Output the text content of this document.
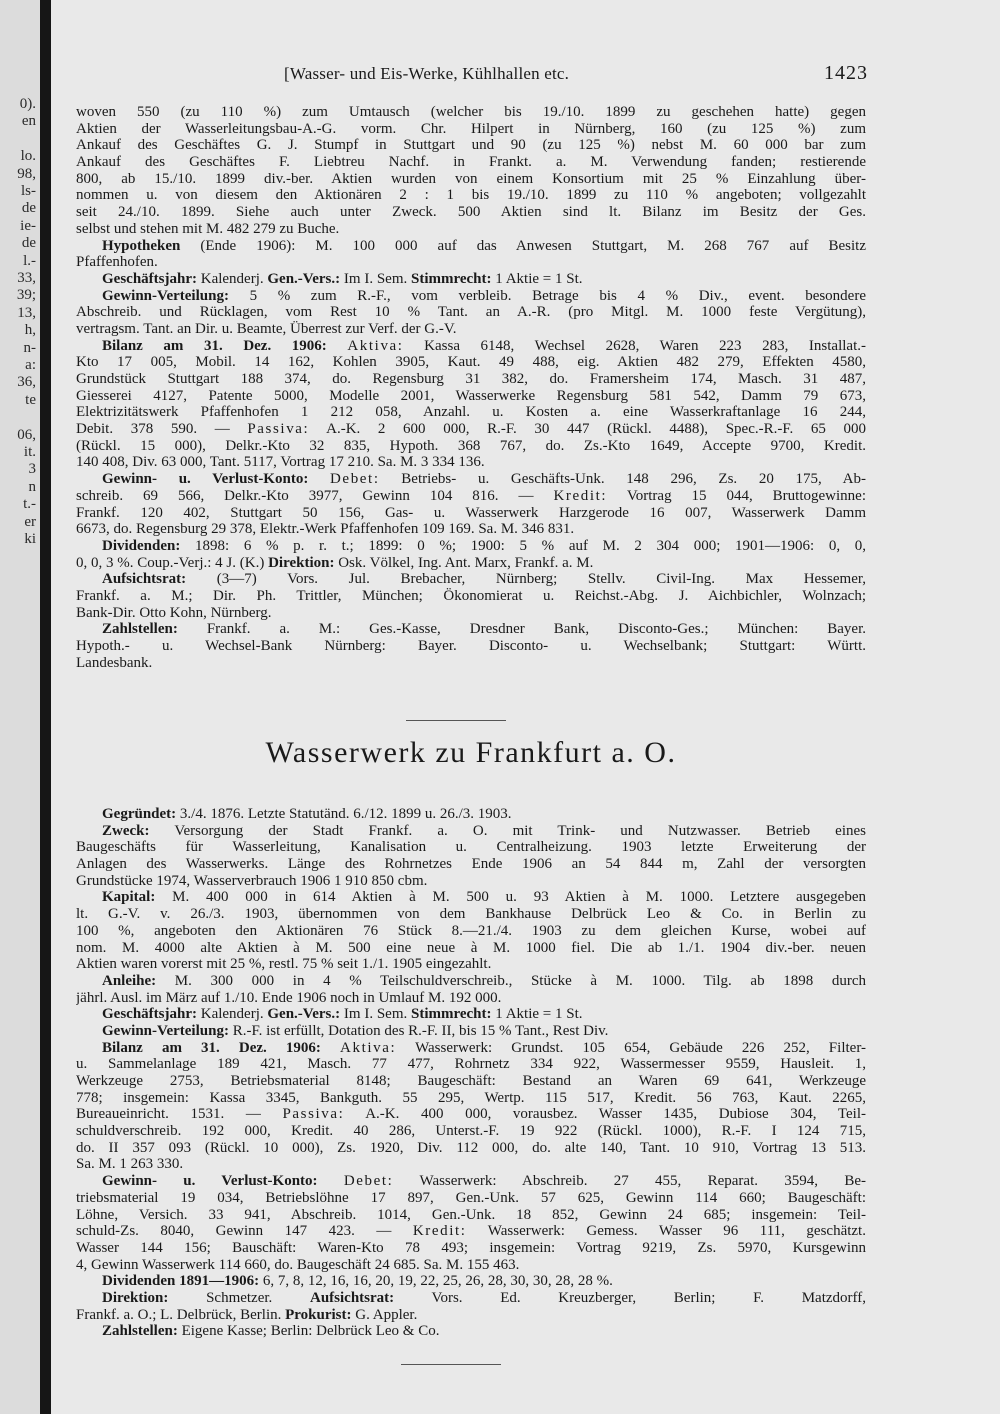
0).
en
lo.
98,
ls-
de
ie-
de
l.-
33,
39;
13,
h,
n-
a:
36,
te
06,
it.
3
n
t.-
er
ki
[Wasser- und Eis-Werke, Kühlhallen etc.	1423
woven 550 (zu 110 %) zum Umtausch (welcher bis 19./10. 1899 zu geschehen hatte) gegen
Aktien der Wasserleitungsbau-A.-G. vorm. Chr. Hilpert in Nürnberg, 160 (zu 125 %) zum
Ankauf des Geschäftes G. J. Stumpf in Stuttgart und 90 (zu 125 %) nebst M. 60 000 bar zum
Ankauf des Geschäftes F. Liebtreu Nachf. in Frankt. a. M. Verwendung fanden; restierende
800, ab 15./10. 1899 div.-ber. Aktien wurden von einem Konsortium mit 25 % Einzahlung über-
nommen u. von diesem den Aktionären 2 : 1 bis 19./10. 1899 zu 110 % angeboten; vollgezahlt
seit 24./10. 1899. Siehe auch unter Zweck. 500 Aktien sind lt. Bilanz im Besitz der Ges.
selbst und stehen mit M. 482 279 zu Buche.
Hypotheken (Ende 1906): M. 100 000 auf das Anwesen Stuttgart, M. 268 767 auf Besitz
Pfaffenhofen.
Geschäftsjahr: Kalenderj. Gen.-Vers.: Im I. Sem. Stimmrecht: 1 Aktie = 1 St.
Gewinn-Verteilung: 5 % zum R.-F., vom verbleib. Betrage bis 4 % Div., event. besondere
Abschreib. und Rücklagen, vom Rest 10 % Tant. an A.-R. (pro Mitgl. M. 1000 feste Vergütung),
vertragsm. Tant. an Dir. u. Beamte, Überrest zur Verf. der G.-V.
Bilanz am 31. Dez. 1906: Aktiva: Kassa 6148, Wechsel 2628, Waren 223 283, Installat.-
Kto 17 005, Mobil. 14 162, Kohlen 3905, Kaut. 49 488, eig. Aktien 482 279, Effekten 4580,
Grundstück Stuttgart 188 374, do. Regensburg 31 382, do. Framersheim 174, Masch. 31 487,
Giesserei 4127, Patente 5000, Modelle 2001, Wasserwerke Regensburg 581 542, Damm 79 673,
Elektrizitätswerk Pfaffenhofen 1 212 058, Anzahl. u. Kosten a. eine Wasserkraftanlage 16 244,
Debit. 378 590. — Passiva: A.-K. 2 600 000, R.-F. 30 447 (Rückl. 4488), Spec.-R.-F. 65 000
(Rückl. 15 000), Delkr.-Kto 32 835, Hypoth. 368 767, do. Zs.-Kto 1649, Accepte 9700, Kredit.
140 408, Div. 63 000, Tant. 5117, Vortrag 17 210. Sa. M. 3 334 136.
Gewinn- u. Verlust-Konto: Debet: Betriebs- u. Geschäfts-Unk. 148 296, Zs. 20 175, Ab-
schreib. 69 566, Delkr.-Kto 3977, Gewinn 104 816. — Kredit: Vortrag 15 044, Bruttogewinne:
Frankf. 120 402, Stuttgart 50 156, Gas- u. Wasserwerk Harzgerode 16 007, Wasserwerk Damm
6673, do. Regensburg 29 378, Elektr.-Werk Pfaffenhofen 109 169. Sa. M. 346 831.
Dividenden: 1898: 6 % p. r. t.; 1899: 0 %; 1900: 5 % auf M. 2 304 000; 1901—1906: 0, 0,
0, 0, 3 %. Coup.-Verj.: 4 J. (K.) Direktion: Osk. Völkel, Ing. Ant. Marx, Frankf. a. M.
Aufsichtsrat: (3—7) Vors. Jul. Brebacher, Nürnberg; Stellv. Civil-Ing. Max Hessemer,
Frankf. a. M.; Dir. Ph. Trittler, München; Ökonomierat u. Reichst.-Abg. J. Aichbichler, Wolnzach;
Bank-Dir. Otto Kohn, Nürnberg.
Zahlstellen: Frankf. a. M.: Ges.-Kasse, Dresdner Bank, Disconto-Ges.; München: Bayer.
Hypoth.- u. Wechsel-Bank Nürnberg: Bayer. Disconto- u. Wechselbank; Stuttgart: Württ.
Landesbank.
Wasserwerk zu Frankfurt a. O.
Gegründet: 3./4. 1876. Letzte Statutänd. 6./12. 1899 u. 26./3. 1903.
Zweck: Versorgung der Stadt Frankf. a. O. mit Trink- und Nutzwasser. Betrieb eines
Baugeschäfts für Wasserleitung, Kanalisation u. Centralheizung. 1903 letzte Erweiterung der
Anlagen des Wasserwerks. Länge des Rohrnetzes Ende 1906 an 54 844 m, Zahl der versorgten
Grundstücke 1974, Wasserverbrauch 1906 1 910 850 cbm.
Kapital: M. 400 000 in 614 Aktien à M. 500 u. 93 Aktien à M. 1000. Letztere ausgegeben
lt. G.-V. v. 26./3. 1903, übernommen von dem Bankhause Delbrück Leo & Co. in Berlin zu
100 %, angeboten den Aktionären 76 Stück 8.—21./4. 1903 zu dem gleichen Kurse, wobei auf
nom. M. 4000 alte Aktien à M. 500 eine neue à M. 1000 fiel. Die ab 1./1. 1904 div.-ber. neuen
Aktien waren vorerst mit 25 %, restl. 75 % seit 1./1. 1905 eingezahlt.
Anleihe: M. 300 000 in 4 % Teilschuldverschreib., Stücke à M. 1000. Tilg. ab 1898 durch
jährl. Ausl. im März auf 1./10. Ende 1906 noch in Umlauf M. 192 000.
Geschäftsjahr: Kalenderj. Gen.-Vers.: Im I. Sem. Stimmrecht: 1 Aktie = 1 St.
Gewinn-Verteilung: R.-F. ist erfüllt, Dotation des R.-F. II, bis 15 % Tant., Rest Div.
Bilanz am 31. Dez. 1906: Aktiva: Wasserwerk: Grundst. 105 654, Gebäude 226 252, Filter-
u. Sammelanlage 189 421, Masch. 77 477, Rohrnetz 334 922, Wassermesser 9559, Hausleit. 1,
Werkzeuge 2753, Betriebsmaterial 8148; Baugeschäft: Bestand an Waren 69 641, Werkzeuge
778; insgemein: Kassa 3345, Bankguth. 55 295, Wertp. 115 517, Kredit. 56 763, Kaut. 2265,
Bureaueinricht. 1531. — Passiva: A.-K. 400 000, vorausbez. Wasser 1435, Dubiose 304, Teil-
schuldverschreib. 192 000, Kredit. 40 286, Unterst.-F. 19 922 (Rückl. 1000), R.-F. I 124 715,
do. II 357 093 (Rückl. 10 000), Zs. 1920, Div. 112 000, do. alte 140, Tant. 10 910, Vortrag 13 513.
Sa. M. 1 263 330.
Gewinn- u. Verlust-Konto: Debet: Wasserwerk: Abschreib. 27 455, Reparat. 3594, Be-
triebsmaterial 19 034, Betriebslöhne 17 897, Gen.-Unk. 57 625, Gewinn 114 660; Baugeschäft:
Löhne, Versich. 33 941, Abschreib. 1014, Gen.-Unk. 18 852, Gewinn 24 685; insgemein: Teil-
schuld-Zs. 8040, Gewinn 147 423. — Kredit: Wasserwerk: Gemess. Wasser 96 111, geschätzt.
Wasser 144 156; Bauschäft: Waren-Kto 78 493; insgemein: Vortrag 9219, Zs. 5970, Kursgewinn
4, Gewinn Wasserwerk 114 660, do. Baugeschäft 24 685. Sa. M. 155 463.
Dividenden 1891—1906: 6, 7, 8, 12, 16, 16, 20, 19, 22, 25, 26, 28, 30, 30, 28, 28 %.
Direktion: Schmetzer. Aufsichtsrat: Vors. Ed. Kreuzberger, Berlin; F. Matzdorff,
Frankf. a. O.; L. Delbrück, Berlin. Prokurist: G. Appler.
Zahlstellen: Eigene Kasse; Berlin: Delbrück Leo & Co.
